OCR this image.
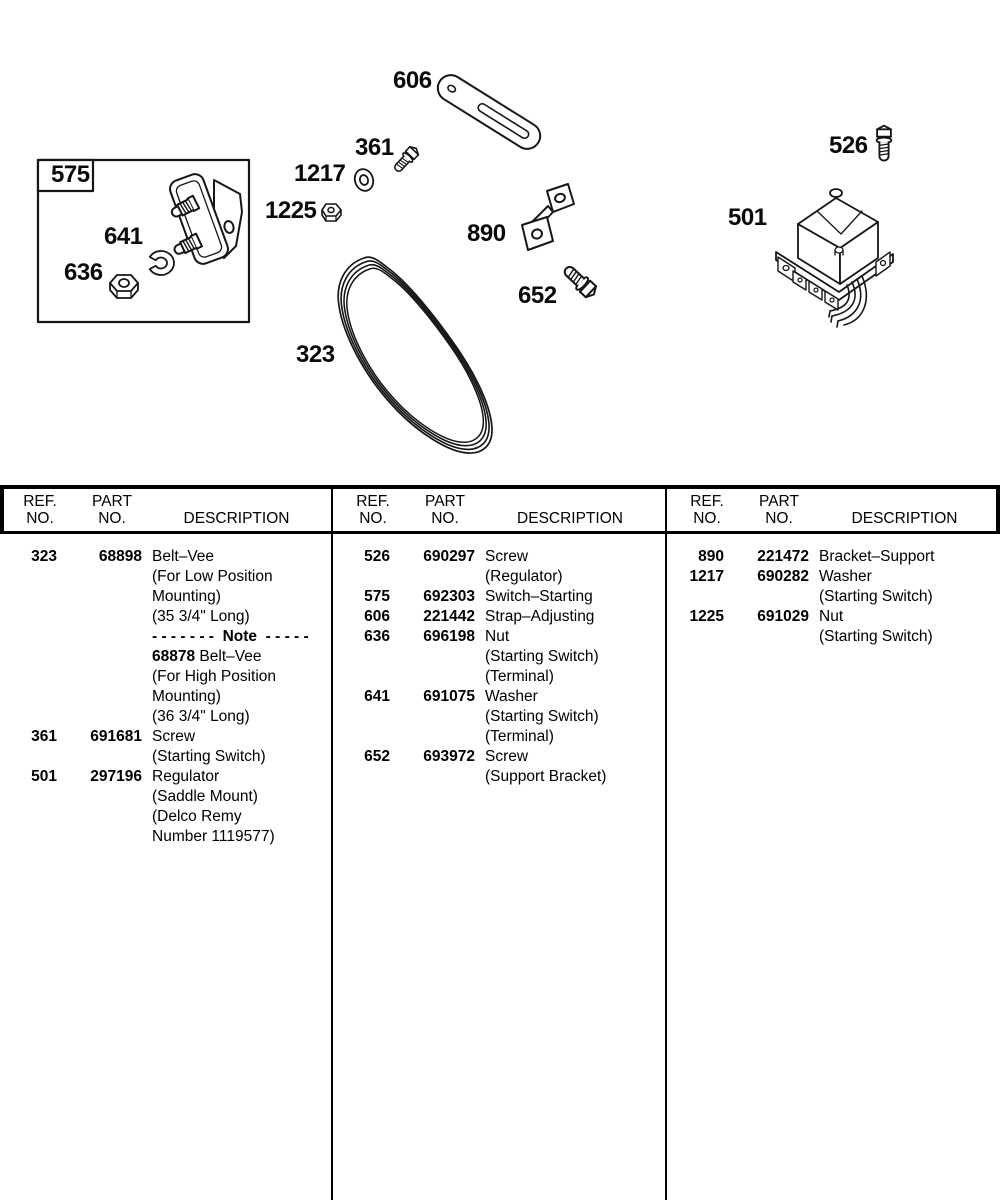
606
361
1217
1225
575
641
636
890
652
323
526
501
REF.
NO.
PART
NO.	DESCRIPTION
323	68898 Belt–Vee
(For Low Position
Mounting)
(35 3/4" Long)
- - - - - - -  Note  - - - - -
68878 Belt–Vee
(For High Position
Mounting)
(36 3/4" Long)
361	691681 Screw
(Starting Switch)
501	297196 Regulator
(Saddle Mount)
(Delco Remy
Number 1119577)
REF.
NO.
PART
NO.	DESCRIPTION
526	690297 Screw
(Regulator)
575	692303 Switch–Starting
606	221442 Strap–Adjusting
636	696198 Nut
(Starting Switch)
(Terminal)
641	691075 Washer
(Starting Switch)
(Terminal)
652	693972 Screw
(Support Bracket)
REF.
NO.
PART
NO.	DESCRIPTION
890	221472 Bracket–Support
1217	690282 Washer
(Starting Switch)
1225	691029 Nut
(Starting Switch)
